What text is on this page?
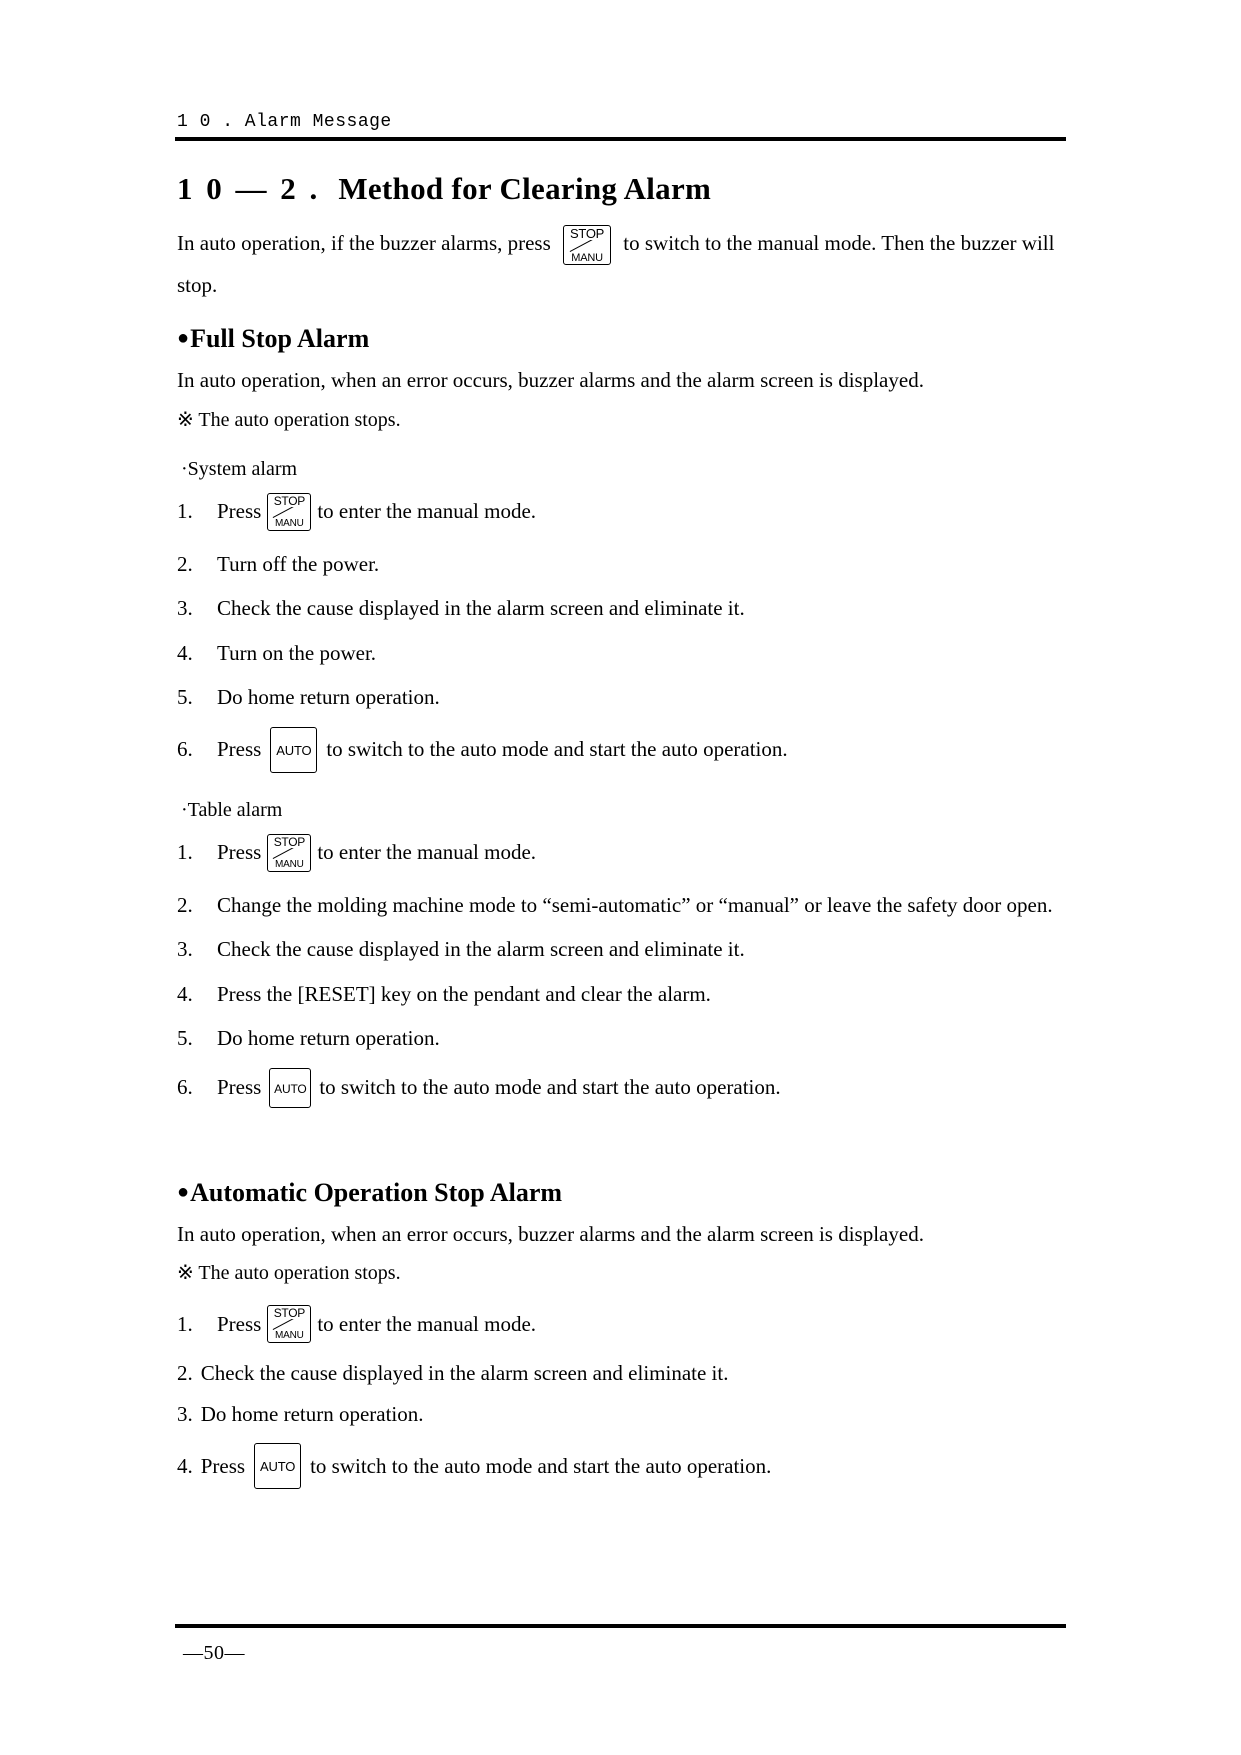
1 0 . Alarm Message
1 0 — 2 . Method for Clearing Alarm
In auto operation, if the buzzer alarms, press	STOP
MANU
to switch to the manual mode. Then the buzzer will
stop.
●Full Stop Alarm

In auto operation, when an error occurs, buzzer alarms and the alarm screen is displayed.

※ The auto operation stops.

·System alarm

1.	Press	STOP
MANU
to enter the manual mode.
2.	Turn off the power.
3.	Check the cause displayed in the alarm screen and eliminate it.
4.	Turn on the power.
5.	Do home return operation.
6.	Press	AUTO to switch to the auto mode and start the auto operation.

·Table alarm

1.	Press	STOP
MANU
to enter the manual mode.
2.	Change the molding machine mode to “semi-automatic” or “manual” or leave the safety door open.
3.	Check the cause displayed in the alarm screen and eliminate it.
4.	Press the [RESET] key on the pendant and clear the alarm.
5.	Do home return operation.
6.	Press	AUTO to switch to the auto mode and start the auto operation.
●Automatic Operation Stop Alarm

In auto operation, when an error occurs, buzzer alarms and the alarm screen is displayed.

※ The auto operation stops.

1.	Press	STOP
MANU
to enter the manual mode.
2. Check the cause displayed in the alarm screen and eliminate it.
3. Do home return operation.
4. Press	AUTO to switch to the auto mode and start the auto operation.
—50—
